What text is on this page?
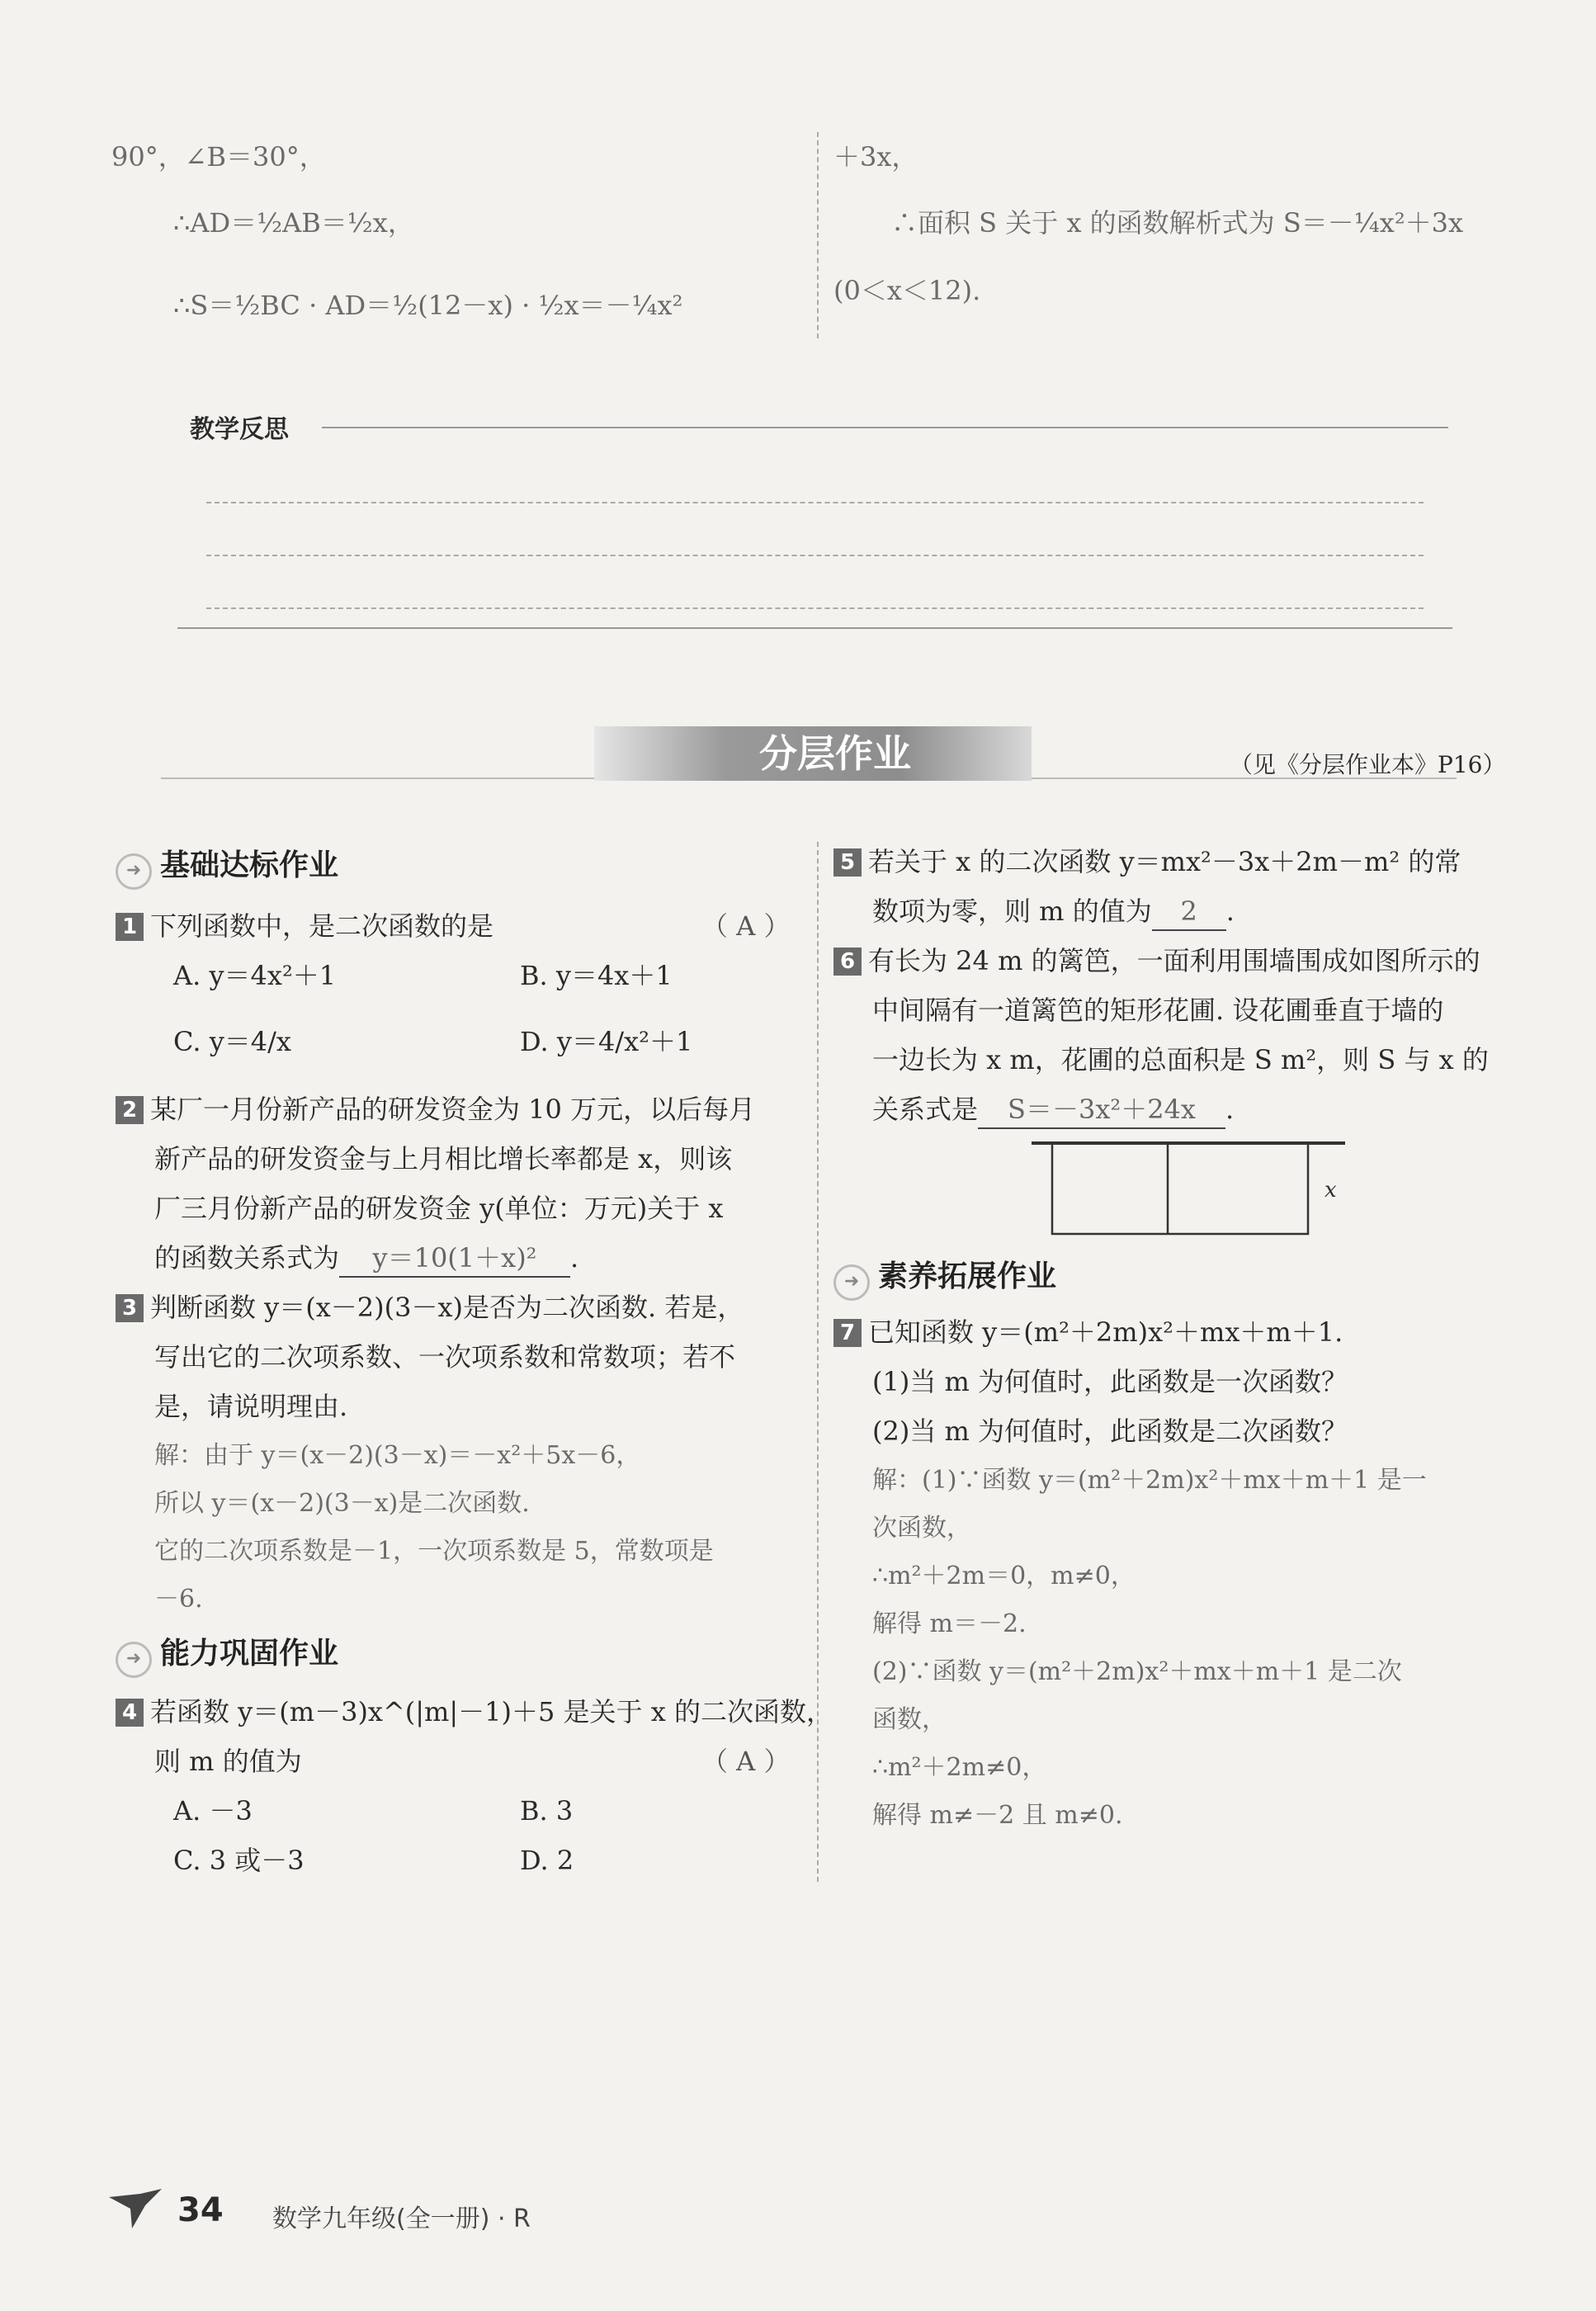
90°，∠B＝30°，
∴AD＝½AB＝½x，
∴S＝½BC · AD＝½(12－x) · ½x＝－¼x²
＋3x，
∴面积 S 关于 x 的函数解析式为 S＝－¼x²＋3x
(0＜x＜12).
教学反思
分层作业	（见《分层作业本》P16）
➜ 基础达标作业
1 下列函数中，是二次函数的是	（ A ）
A. y＝4x²＋1	B. y＝4x＋1
C. y＝4/x	D. y＝4/x²＋1
2 某厂一月份新产品的研发资金为 10 万元，以后每月
新产品的研发资金与上月相比增长率都是 x，则该
厂三月份新产品的研发资金 y(单位：万元)关于 x
的函数关系式为 y＝10(1＋x)² .
3 判断函数 y＝(x－2)(3－x)是否为二次函数. 若是，
写出它的二次项系数、一次项系数和常数项；若不
是，请说明理由.
解：由于 y＝(x－2)(3－x)＝－x²＋5x－6，
所以 y＝(x－2)(3－x)是二次函数.
它的二次项系数是－1，一次项系数是 5，常数项是
－6.
➜ 能力巩固作业
4 若函数 y＝(m－3)x^(|m|－1)＋5 是关于 x 的二次函数，
则 m 的值为	（ A ）
A. －3	B. 3
C. 3 或－3	D. 2
5 若关于 x 的二次函数 y＝mx²－3x＋2m－m² 的常
数项为零，则 m 的值为 2 .
6 有长为 24 m 的篱笆，一面利用围墙围成如图所示的
中间隔有一道篱笆的矩形花圃. 设花圃垂直于墙的
一边长为 x m，花圃的总面积是 S m²，则 S 与 x 的
关系式是 S＝－3x²＋24x .
x
➜ 素养拓展作业
7 已知函数 y＝(m²＋2m)x²＋mx＋m＋1.
(1)当 m 为何值时，此函数是一次函数？
(2)当 m 为何值时，此函数是二次函数？
解：(1)∵函数 y＝(m²＋2m)x²＋mx＋m＋1 是一
次函数，
∴m²＋2m＝0，m≠0，
解得 m＝－2.
(2)∵函数 y＝(m²＋2m)x²＋mx＋m＋1 是二次
函数，
∴m²＋2m≠0，
解得 m≠－2 且 m≠0.
34 数学九年级(全一册) · R
